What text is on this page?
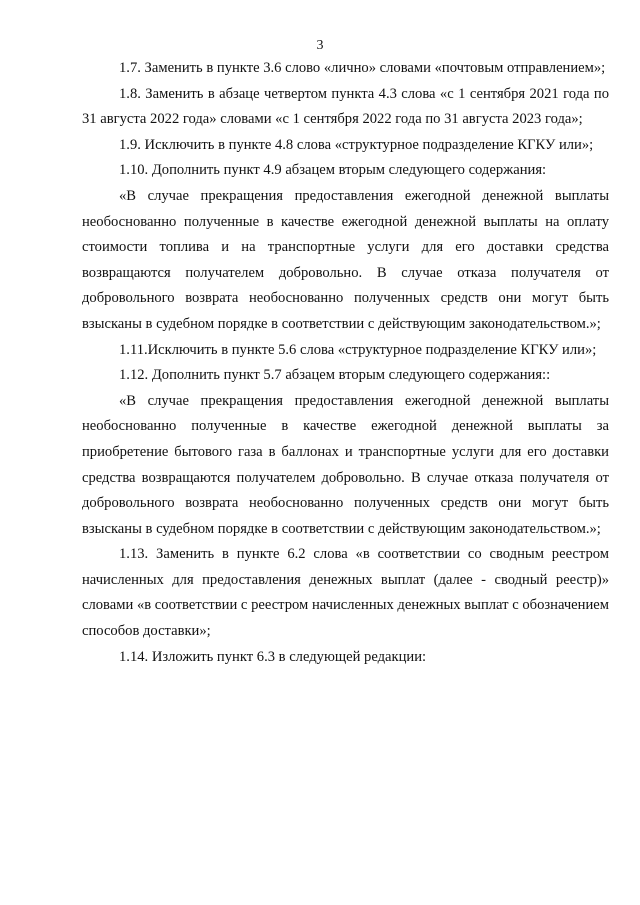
3

1.7. Заменить в пункте 3.6 слово «лично» словами «почтовым отправлением»;

1.8. Заменить в абзаце четвертом пункта 4.3 слова «с 1 сентября 2021 года по 31 августа 2022 года» словами «с 1 сентября 2022 года по 31 августа 2023 года»;

1.9. Исключить в пункте 4.8 слова «структурное подразделение КГКУ или»;

1.10. Дополнить пункт 4.9 абзацем вторым следующего содержания:

«В случае прекращения предоставления ежегодной денежной выплаты необоснованно полученные в качестве ежегодной денежной выплаты на оплату стоимости топлива и на транспортные услуги для его доставки средства возвращаются получателем добровольно. В случае отказа получателя от добровольного возврата необоснованно полученных средств они могут быть взысканы в судебном порядке в соответствии с действующим законодательством.»;

1.11.Исключить в пункте 5.6 слова «структурное подразделение КГКУ или»;

1.12. Дополнить пункт 5.7 абзацем вторым следующего содержания::

«В случае прекращения предоставления ежегодной денежной выплаты необоснованно полученные в качестве ежегодной денежной выплаты за приобретение бытового газа в баллонах и транспортные услуги для его доставки средства возвращаются получателем добровольно. В случае отказа получателя от добровольного возврата необоснованно полученных средств они могут быть взысканы в судебном порядке в соответствии с действующим законодательством.»;

1.13. Заменить в пункте 6.2 слова «в соответствии со сводным реестром начисленных для предоставления денежных выплат (далее - сводный реестр)» словами «в соответствии с реестром начисленных денежных выплат с обозначением способов доставки»;

1.14. Изложить пункт 6.3 в следующей редакции:
